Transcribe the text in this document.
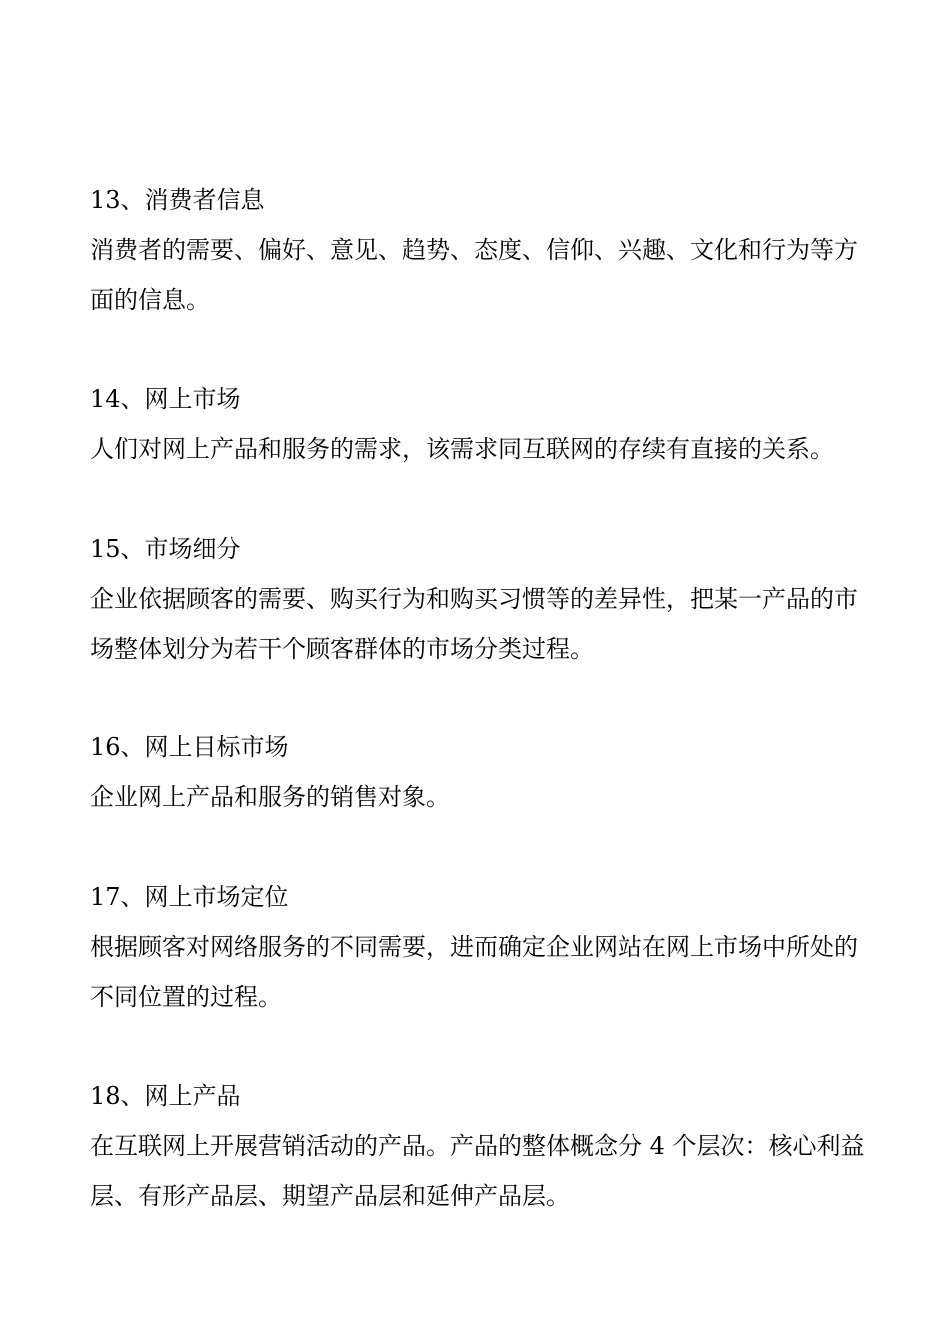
13、消费者信息

消费者的需要、偏好、意见、趋势、态度、信仰、兴趣、文化和行为等方面的信息。

14、网上市场

人们对网上产品和服务的需求，该需求同互联网的存续有直接的关系。

15、市场细分

企业依据顾客的需要、购买行为和购买习惯等的差异性，把某一产品的市场整体划分为若干个顾客群体的市场分类过程。

16、网上目标市场

企业网上产品和服务的销售对象。

17、网上市场定位

根据顾客对网络服务的不同需要，进而确定企业网站在网上市场中所处的不同位置的过程。

18、网上产品

在互联网上开展营销活动的产品。产品的整体概念分 4 个层次：核心利益层、有形产品层、期望产品层和延伸产品层。
